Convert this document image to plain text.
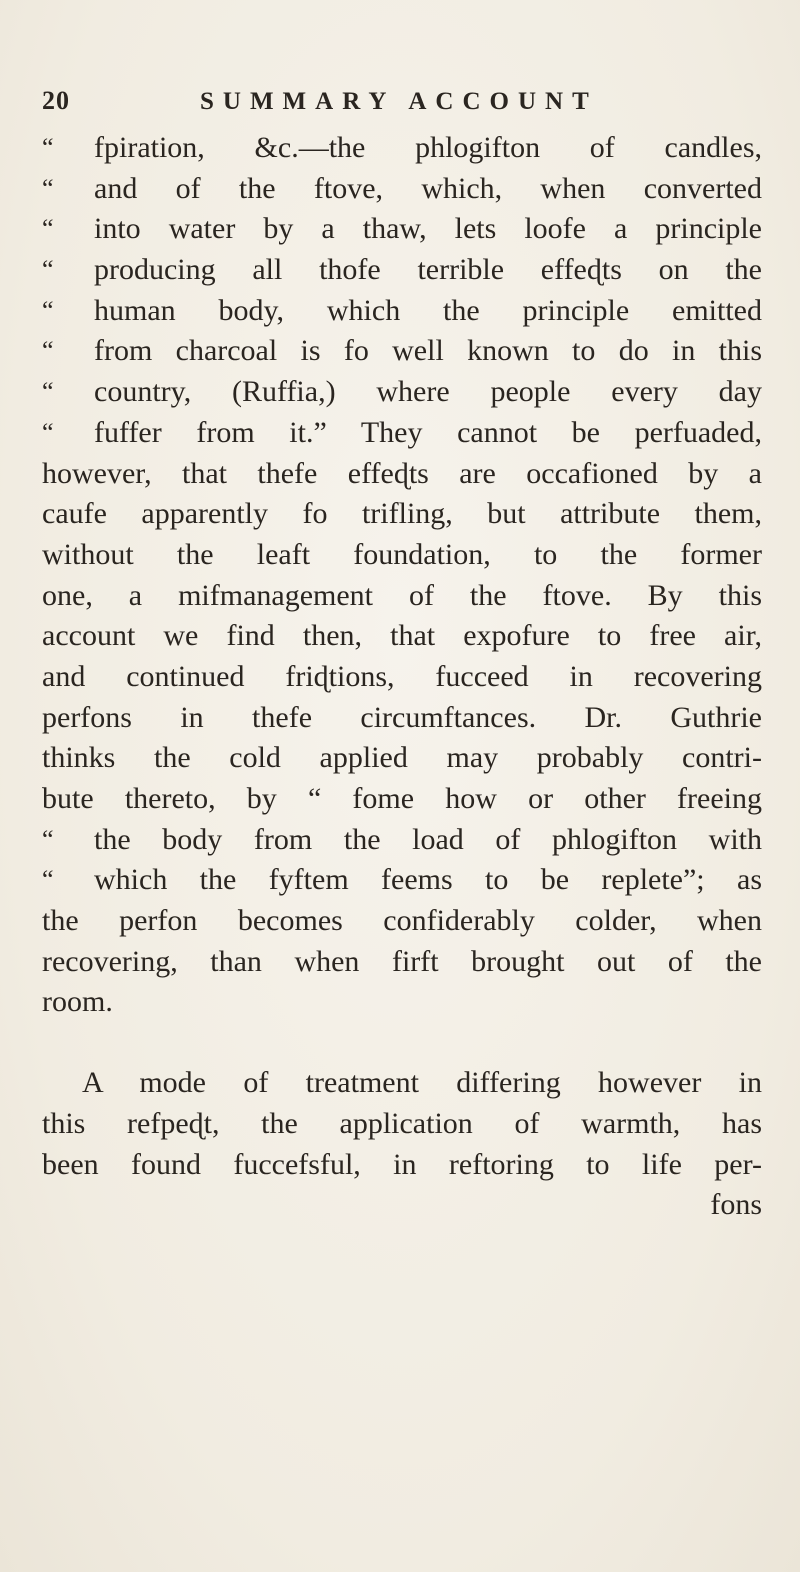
20	SUMMARY ACCOUNT
“	fpiration, &c.—the phlogifton of candles,
“	and of the ftove, which, when converted
“	into water by a thaw, lets loofe a principle
“	producing all thofe terrible effeɖts on the
“	human body, which the principle emitted
“	from charcoal is fo well known to do in this
“	country, (Ruffia,) where people every day
“	fuffer from it.” They cannot be perfuaded,
however, that thefe effeɖts are occafioned by a
caufe apparently fo trifling, but attribute them,
without the leaft foundation, to the former
one, a mifmanagement of the ftove. By this
account we find then, that expofure to free air,
and continued friɖtions, fucceed in recovering
perfons in thefe circumftances. Dr. Guthrie
thinks the cold applied may probably contri-
bute thereto, by “ fome how or other freeing
“	the body from the load of phlogifton with
“	which the fyftem feems to be replete”; as
the perfon becomes confiderably colder, when
recovering, than when firft brought out of the
room.
A mode of treatment differing however in
this refpeɖt, the application of warmth, has
been found fuccefsful, in reftoring to life per-
fons
